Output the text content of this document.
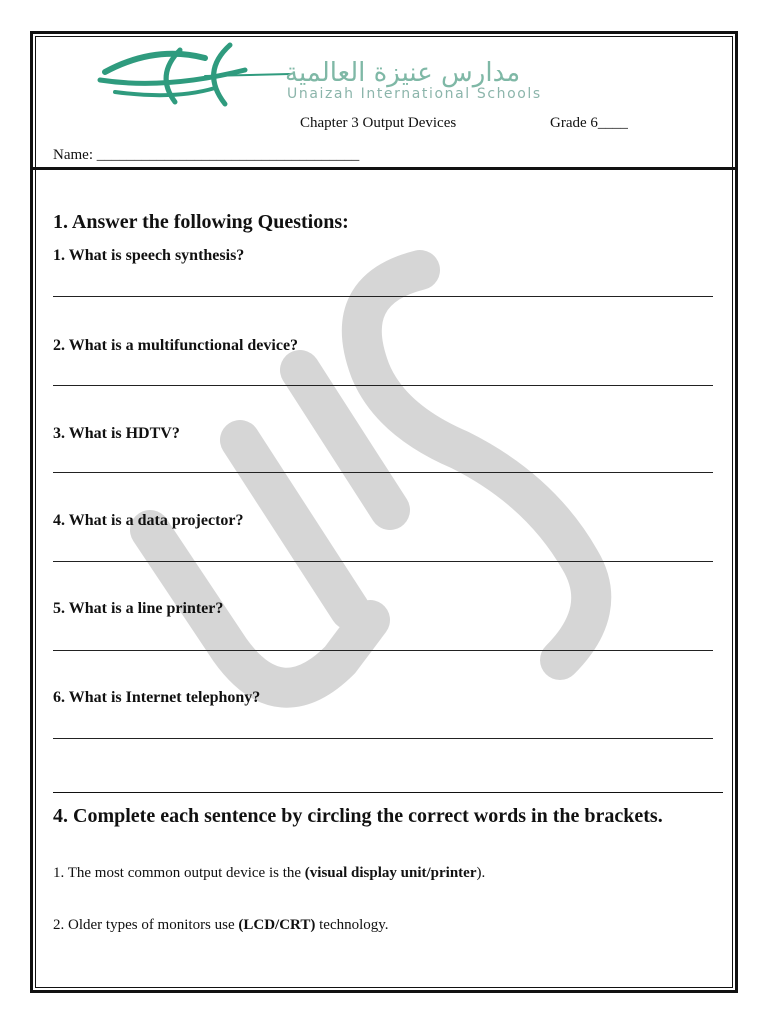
مدارس عنيزة العالمية
Unaizah International Schools
Chapter 3 Output Devices	Grade 6____
Name: ___________________________________
1. Answer the following Questions:
1. What is speech synthesis?
2. What is a multifunctional device?
3. What is HDTV?
4. What is a data projector?
5. What is a line printer?
6. What is Internet telephony?
4. Complete each sentence by circling the correct words in the brackets.
1. The most common output device is the (visual display unit/printer).
2. Older types of monitors use (LCD/CRT) technology.
